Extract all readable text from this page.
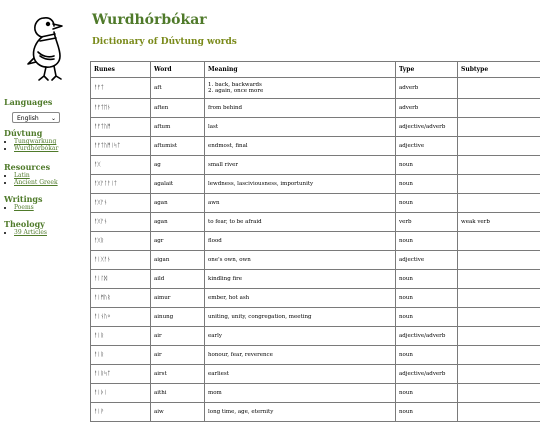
Languages
English ⌄
Dúvtung
• Tungwarkung
• Wurdhórbókar
Resources
• Latin
• Ancient Greek
Writings
• Poems
Theology
• 39 Articles
Wurdhórbókar
Dictionary of Dúvtung words
Runes	Word	Meaning	Type	Subtype
ᚨᚠᛏ	aft	1. back, backwards
2. again, once more	adverb	
ᚨᚠᛏᛖᚾ	aften	from behind	adverb	
ᚨᚠᛏᚢᛗ	aftum	last	adjective/adverb	
ᚨᚠᛏᚢᛗᛁᛋᛏ	aftumist	endmost, final	adjective	
ᚨᚷ	ag	small river	noun	
ᚨᚷᚨᛚᚨᛁᛏ	agalait	lewdness, lasciviousness, importunity	noun	
ᚨᚷᚨᚾ	agan	awn	noun	
ᚨᚷᚨᚾ	agan	to fear, to be afraid	verb	weak verb
ᚨᚷᚱ	agr	flood	noun	
ᚨᛁᚷᚨᚾ	aigan	one's own, own	adjective	
ᚨᛁᛚᛞ	aild	kindling fire	noun	
ᚨᛁᛗᚢᚱ	aimur	ember, hot ash	noun	
ᚨᛁᚾᚢᛜ	ainung	uniting, unity, congregation, meeting	noun	
ᚨᛁᚱ	air	early	adjective/adverb	
ᚨᛁᚱ	air	honour, fear, reverence	noun	
ᚨᛁᚱᛋᛏ	airst	earliest	adjective/adverb	
ᚨᛁᚦᛁ	aithi	mom	noun	
ᚨᛁᚹ	aiw	long time, age, eternity	noun	
